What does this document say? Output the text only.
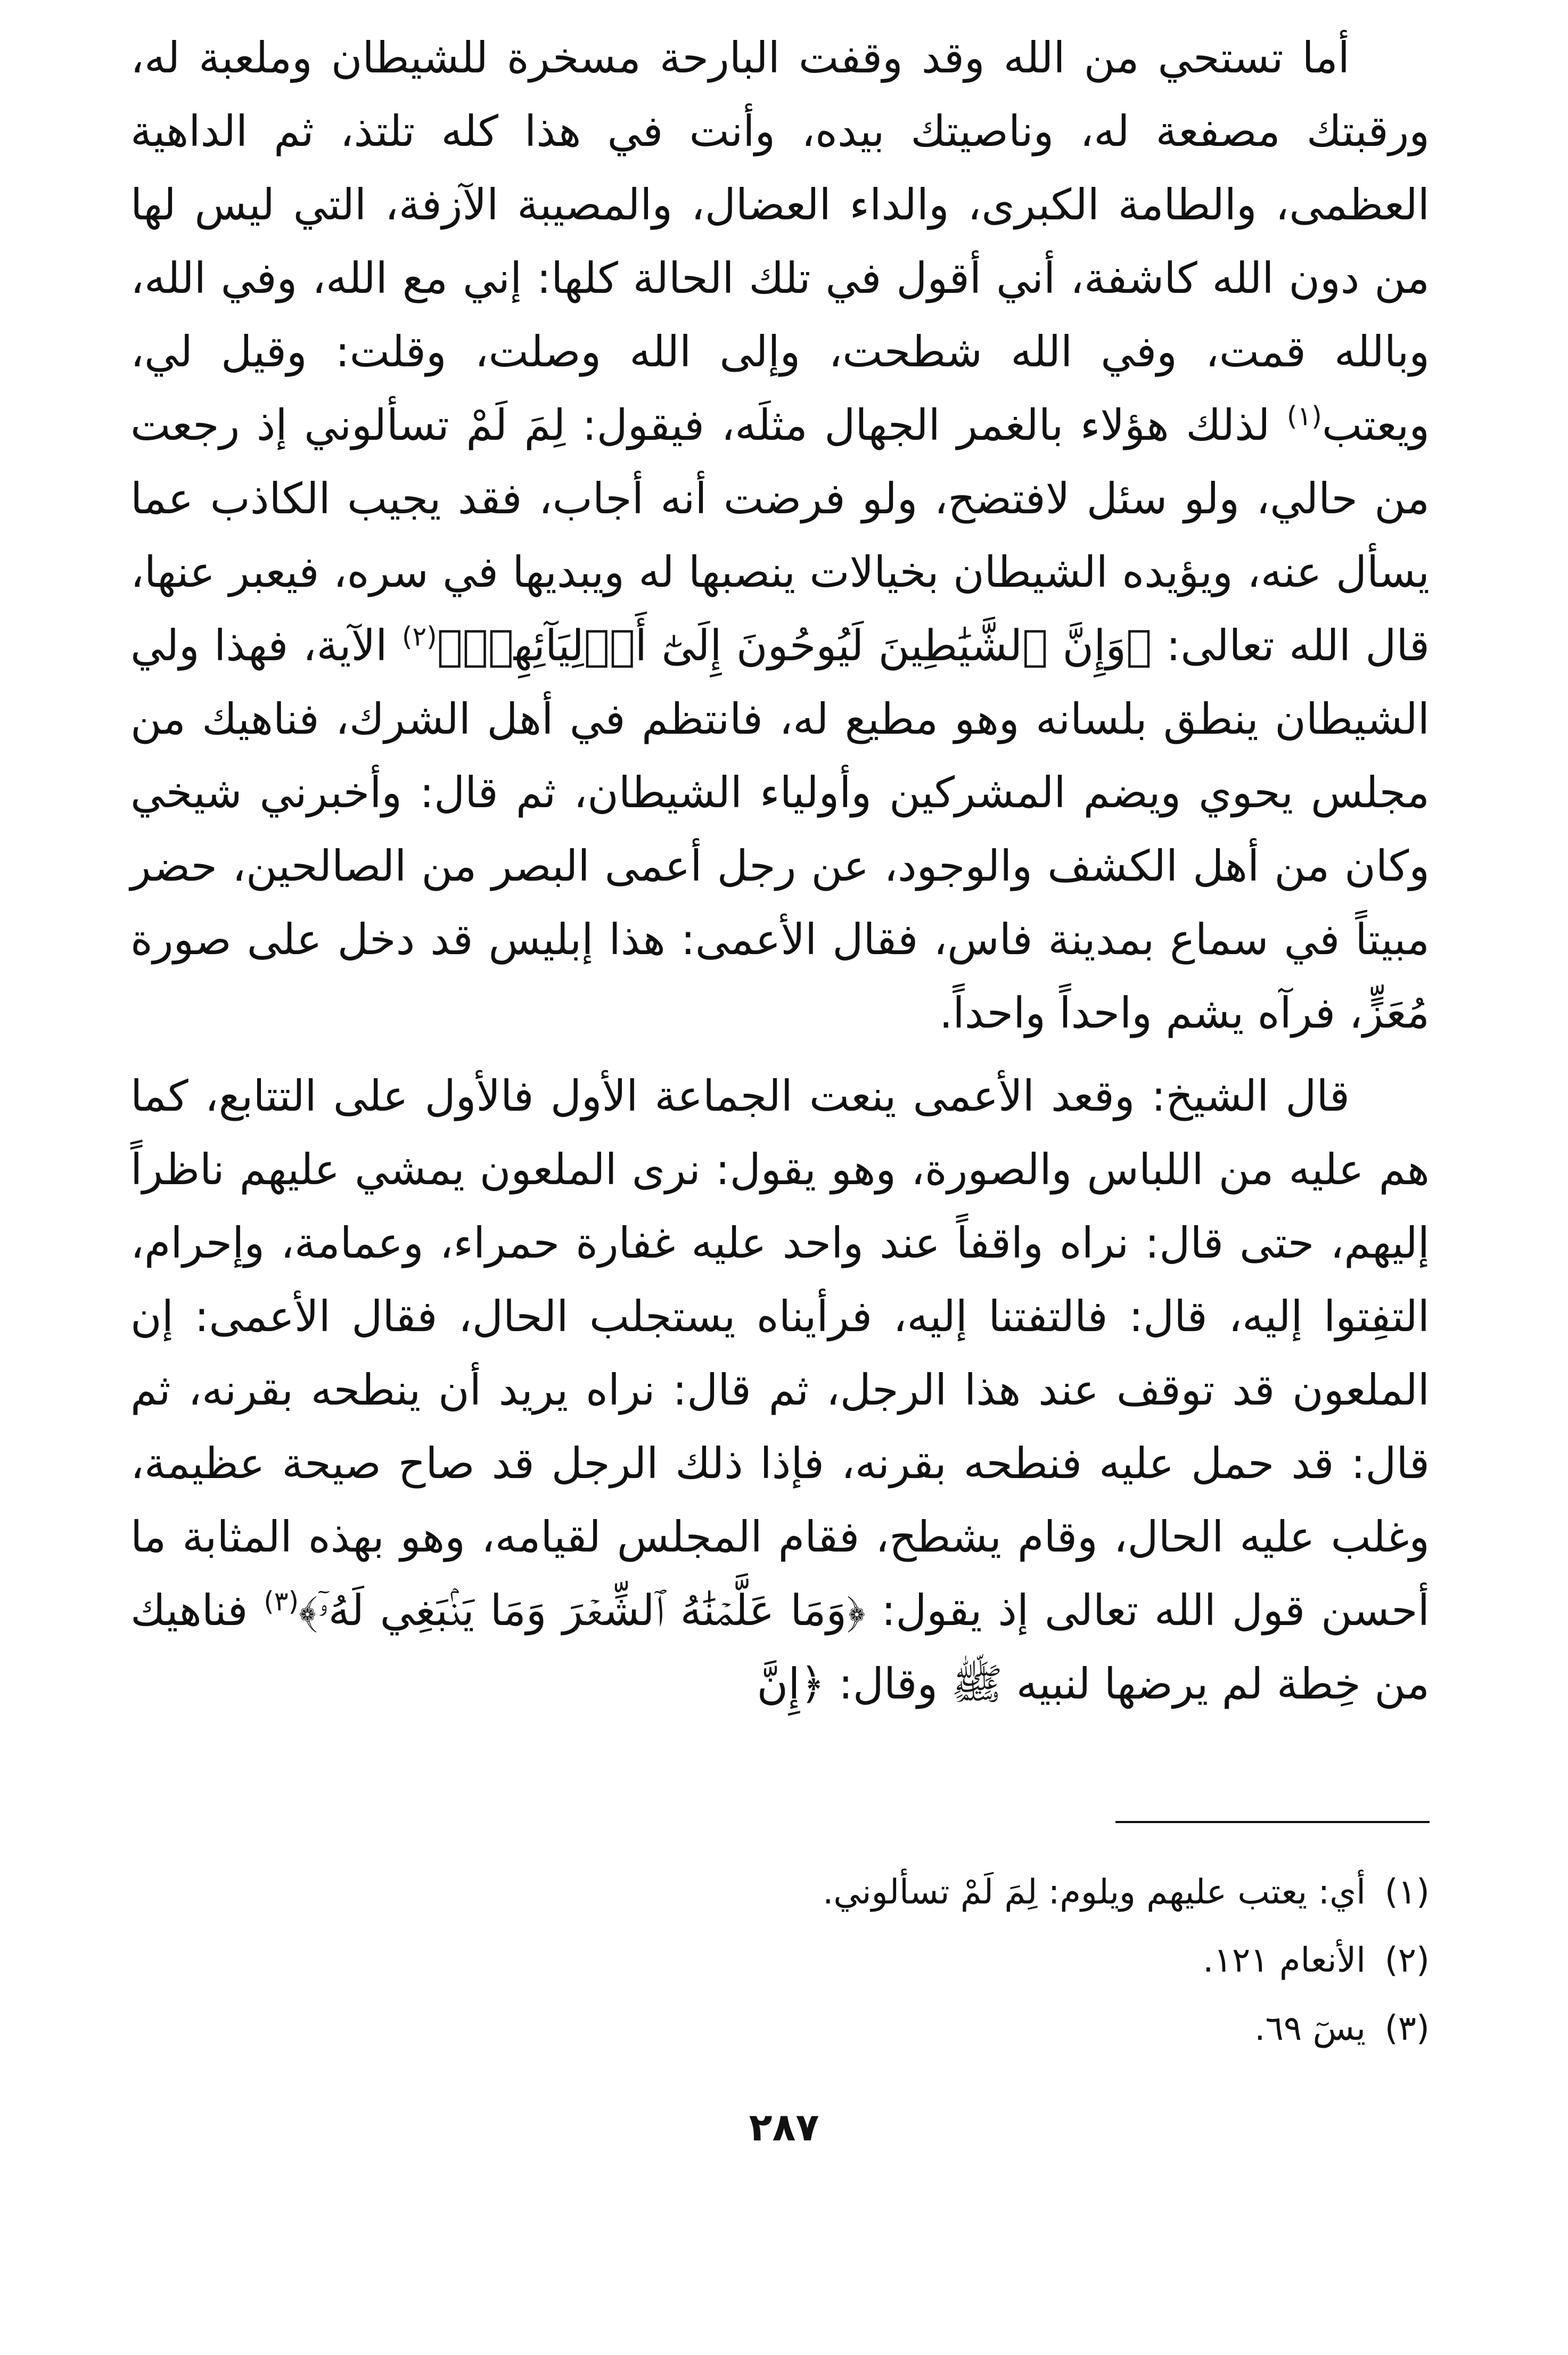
أما تستحي من الله وقد وقفت البارحة مسخرة للشيطان وملعبة له، ورقبتك مصفعة له، وناصيتك بيده، وأنت في هذا كله تلتذ، ثم الداهية العظمى، والطامة الكبرى، والداء العضال، والمصيبة الآزفة، التي ليس لها من دون الله كاشفة، أني أقول في تلك الحالة كلها: إني مع الله، وفي الله، وبالله قمت، وفي الله شطحت، وإلى الله وصلت، وقلت: وقيل لي، ويعتب$^{(١)}$ لذلك هؤلاء بالغمر الجهال مثلَه، فيقول: لِمَ لَمْ تسألوني إذ رجعت من حالي، ولو سئل لافتضح، ولو فرضت أنه أجاب، فقد يجيب الكاذب عما يسأل عنه، ويؤيده الشيطان بخيالات ينصبها له ويبديها في سره، فيعبر عنها، قال الله تعالى: ﴿وَإِنَّ ٱلشَّيَٰطِينَ لَيُوحُونَ إِلَىٰٓ أَوۡلِيَآئِهِمۡ﴾$^{(٢)}$ الآية، فهذا ولي الشيطان ينطق بلسانه وهو مطيع له، فانتظم في أهل الشرك، فناهيك من مجلس يحوي ويضم المشركين وأولياء الشيطان، ثم قال: وأخبرني شيخي وكان من أهل الكشف والوجود، عن رجل أعمى البصر من الصالحين، حضر مبيتاً في سماع بمدينة فاس، فقال الأعمى: هذا إبليس قد دخل على صورة مُعَزٍّ، فرآه يشم واحداً واحداً.

قال الشيخ: وقعد الأعمى ينعت الجماعة الأول فالأول على التتابع، كما هم عليه من اللباس والصورة، وهو يقول: نرى الملعون يمشي عليهم ناظراً إليهم، حتى قال: نراه واقفاً عند واحد عليه غفارة حمراء، وعمامة، وإحرام، التفِتوا إليه، قال: فالتفتنا إليه، فرأيناه يستجلب الحال، فقال الأعمى: إن الملعون قد توقف عند هذا الرجل، ثم قال: نراه يريد أن ينطحه بقرنه، ثم قال: قد حمل عليه فنطحه بقرنه، فإذا ذلك الرجل قد صاح صيحة عظيمة، وغلب عليه الحال، وقام يشطح، فقام المجلس لقيامه، وهو بهذه المثابة ما أحسن قول الله تعالى إذ يقول: ﴿وَمَا عَلَّمۡنَٰهُ ٱلشِّعۡرَ وَمَا يَنۢبَغِي لَهُۥٓ﴾$^{(٣)}$ فناهيك من خِطة لم يرضها لنبيه ﷺ وقال: ﴿إِنَّ

(١)أي: يعتب عليهم ويلوم: لِمَ لَمْ تسألوني.
(٢)الأنعام ١٢١.
(٣)يسٓ ٦٩.
٢٨٧
